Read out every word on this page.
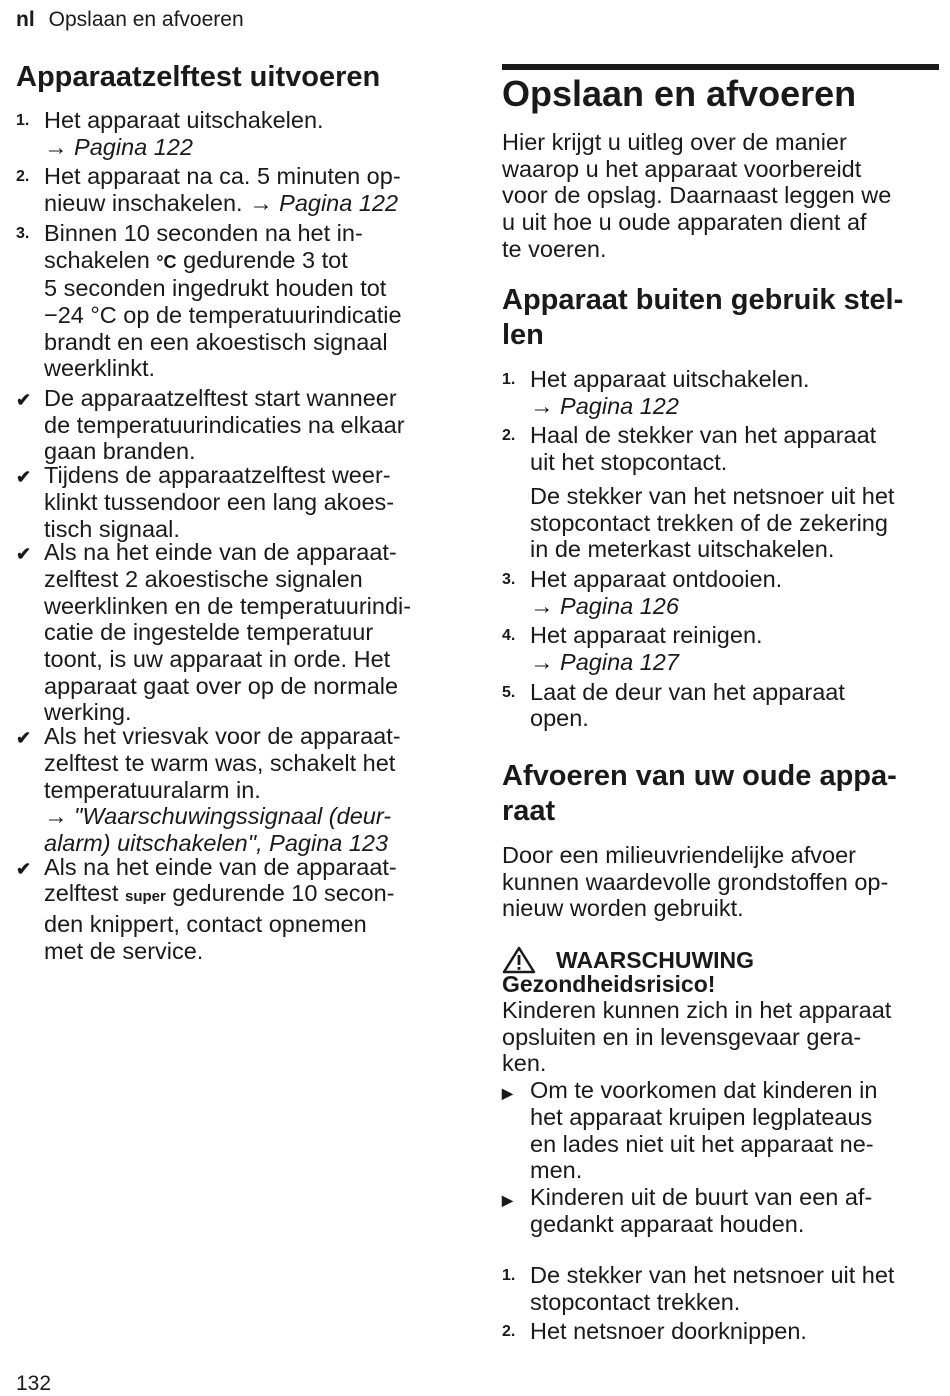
nl Opslaan en afvoeren
Apparaatzelftest uitvoeren
1. Het apparaat uitschakelen.
→ Pagina 122
2. Het apparaat na ca. 5 minuten op-
nieuw inschakelen. → Pagina 122
3. Binnen 10 seconden na het in-
schakelen °C gedurende 3 tot
5 seconden ingedrukt houden tot
−24 °C op de temperatuurindicatie
brandt en een akoestisch signaal
weerklinkt.
✔ De apparaatzelftest start wanneer
de temperatuurindicaties na elkaar
gaan branden.
✔ Tijdens de apparaatzelftest weer-
klinkt tussendoor een lang akoes-
tisch signaal.
✔ Als na het einde van de apparaat-
zelftest 2 akoestische signalen
weerklinken en de temperatuurindi-
catie de ingestelde temperatuur
toont, is uw apparaat in orde. Het
apparaat gaat over op de normale
werking.
✔ Als het vriesvak voor de apparaat-
zelftest te warm was, schakelt het
temperatuuralarm in.
→ "Waarschuwingssignaal (deur-
alarm) uitschakelen", Pagina 123
✔ Als na het einde van de apparaat-
zelftest super gedurende 10 secon-
den knippert, contact opnemen
met de service.
Opslaan en afvoeren
Hier krijgt u uitleg over de manier
waarop u het apparaat voorbereidt
voor de opslag. Daarnaast leggen we
u uit hoe u oude apparaten dient af
te voeren.
Apparaat buiten gebruik stel-
len
1. Het apparaat uitschakelen.
→ Pagina 122
2. Haal de stekker van het apparaat
uit het stopcontact.
De stekker van het netsnoer uit het
stopcontact trekken of de zekering
in de meterkast uitschakelen.
3. Het apparaat ontdooien.
→ Pagina 126
4. Het apparaat reinigen.
→ Pagina 127
5. Laat de deur van het apparaat
open.
Afvoeren van uw oude appa-
raat
Door een milieuvriendelijke afvoer
kunnen waardevolle grondstoffen op-
nieuw worden gebruikt.
WAARSCHUWING
Gezondheidsrisico!
Kinderen kunnen zich in het apparaat
opsluiten en in levensgevaar gera-
ken.
▶ Om te voorkomen dat kinderen in
het apparaat kruipen legplateaus
en lades niet uit het apparaat ne-
men.
▶ Kinderen uit de buurt van een af-
gedankt apparaat houden.
1. De stekker van het netsnoer uit het
stopcontact trekken.
2. Het netsnoer doorknippen.
132
